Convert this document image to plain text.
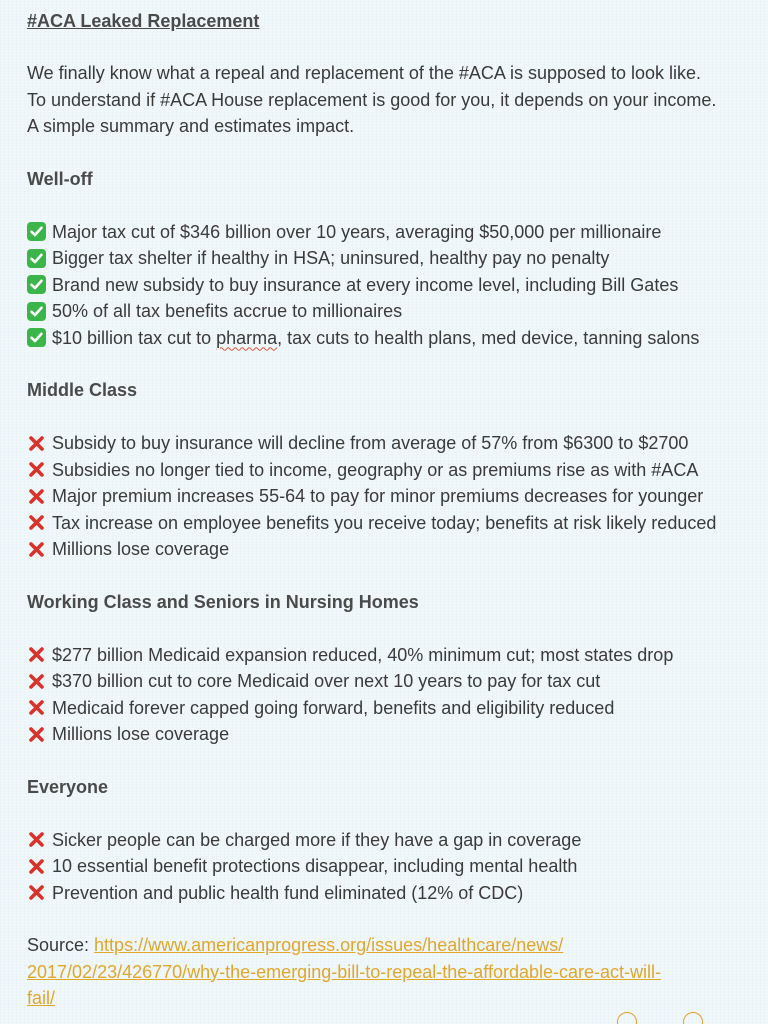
#ACA Leaked Replacement
We finally know what a repeal and replacement of the #ACA is supposed to look like.
To understand if #ACA House replacement is good for you, it depends on your income.
A simple summary and estimates impact.
Well-off
Major tax cut of $346 billion over 10 years, averaging $50,000 per millionaire
Bigger tax shelter if healthy in HSA; uninsured, healthy pay no penalty
Brand new subsidy to buy insurance at every income level, including Bill Gates
50% of all tax benefits accrue to millionaires
$10 billion tax cut to pharma, tax cuts to health plans, med device, tanning salons
Middle Class
Subsidy to buy insurance will decline from average of 57% from $6300 to $2700
Subsidies no longer tied to income, geography or as premiums rise as with #ACA
Major premium increases 55-64 to pay for minor premiums decreases for younger
Tax increase on employee benefits you receive today; benefits at risk likely reduced
Millions lose coverage
Working Class and Seniors in Nursing Homes
$277 billion Medicaid expansion reduced, 40% minimum cut; most states drop
$370 billion cut to core Medicaid over next 10 years to pay for tax cut
Medicaid forever capped going forward, benefits and eligibility reduced
Millions lose coverage
Everyone
Sicker people can be charged more if they have a gap in coverage
10 essential benefit protections disappear, including mental health
Prevention and public health fund eliminated (12% of CDC)
Source: https://www.americanprogress.org/issues/healthcare/news/
2017/02/23/426770/why-the-emerging-bill-to-repeal-the-affordable-care-act-will-
fail/
